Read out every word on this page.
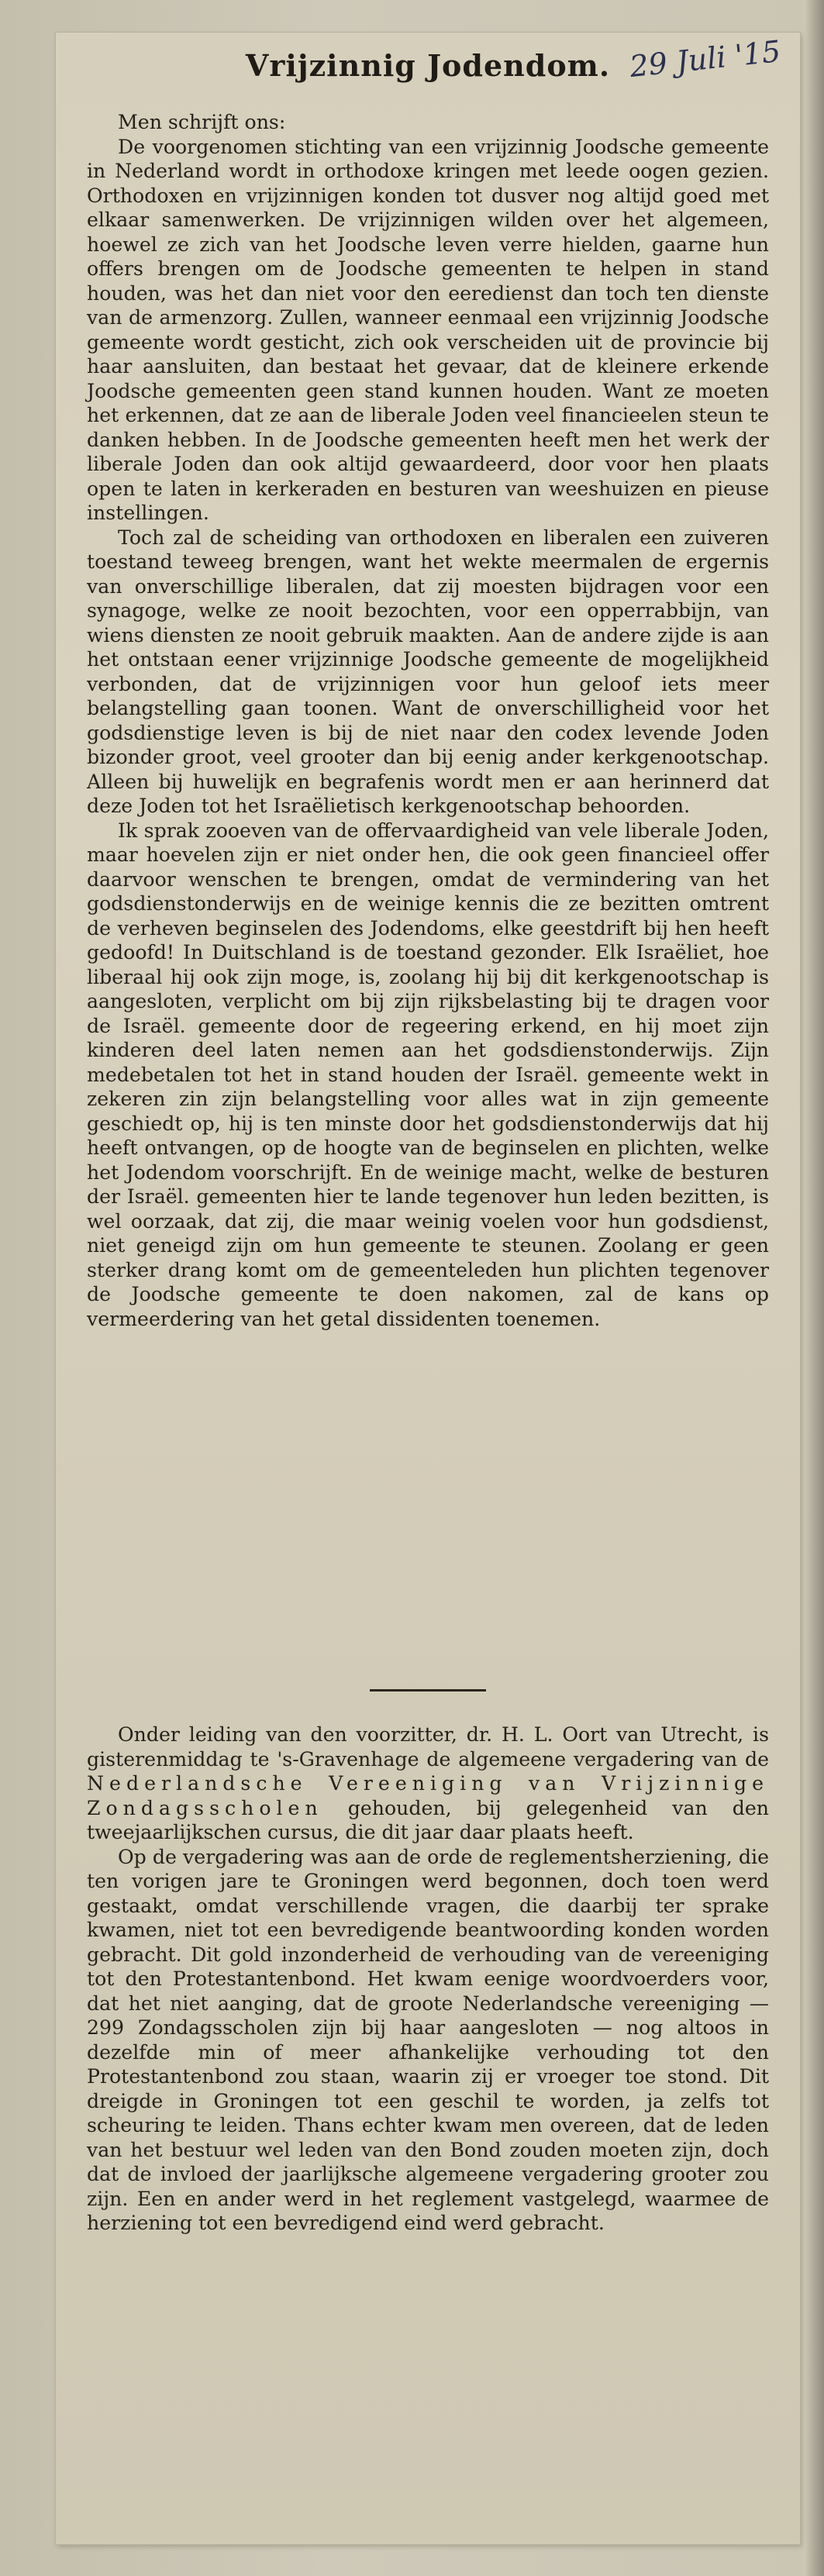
Vrijzinnig Jodendom. 29 Juli '15

Men schrijft ons:

De voorgenomen stichting van een vrijzinnig Joodsche gemeente in Nederland wordt in orthodoxe kringen met leede oogen gezien. Orthodoxen en vrijzinnigen konden tot dusver nog altijd goed met elkaar samenwerken. De vrijzinnigen wilden over het algemeen, hoewel ze zich van het Joodsche leven verre hielden, gaarne hun offers brengen om de Joodsche gemeenten te helpen in stand houden, was het dan niet voor den eeredienst dan toch ten dienste van de armenzorg. Zullen, wanneer eenmaal een vrijzinnig Joodsche gemeente wordt gesticht, zich ook verscheiden uit de provincie bij haar aansluiten, dan bestaat het gevaar, dat de kleinere erkende Joodsche gemeenten geen stand kunnen houden. Want ze moeten het erkennen, dat ze aan de liberale Joden veel financieelen steun te danken hebben. In de Joodsche gemeenten heeft men het werk der liberale Joden dan ook altijd gewaardeerd, door voor hen plaats open te laten in kerkeraden en besturen van weeshuizen en pieuse instellingen.

Toch zal de scheiding van orthodoxen en liberalen een zuiveren toestand teweeg brengen, want het wekte meermalen de ergernis van onverschillige liberalen, dat zij moesten bijdragen voor een synagoge, welke ze nooit bezochten, voor een opperrabbijn, van wiens diensten ze nooit gebruik maakten. Aan de andere zijde is aan het ontstaan eener vrijzinnige Joodsche gemeente de mogelijkheid verbonden, dat de vrijzinnigen voor hun geloof iets meer belangstelling gaan toonen. Want de onverschilligheid voor het godsdienstige leven is bij de niet naar den codex levende Joden bizonder groot, veel grooter dan bij eenig ander kerkgenootschap. Alleen bij huwelijk en begrafenis wordt men er aan herinnerd dat deze Joden tot het Israëlietisch kerkgenootschap behoorden.

Ik sprak zooeven van de offervaardigheid van vele liberale Joden, maar hoevelen zijn er niet onder hen, die ook geen financieel offer daarvoor wenschen te brengen, omdat de vermindering van het godsdienstonderwijs en de weinige kennis die ze bezitten omtrent de verheven beginselen des Jodendoms, elke geestdrift bij hen heeft gedoofd! In Duitschland is de toestand gezonder. Elk Israëliet, hoe liberaal hij ook zijn moge, is, zoolang hij bij dit kerkgenootschap is aangesloten, verplicht om bij zijn rijksbelasting bij te dragen voor de Israël. gemeente door de regeering erkend, en hij moet zijn kinderen deel laten nemen aan het godsdienstonderwijs. Zijn medebetalen tot het in stand houden der Israël. gemeente wekt in zekeren zin zijn belangstelling voor alles wat in zijn gemeente geschiedt op, hij is ten minste door het godsdienstonderwijs dat hij heeft ontvangen, op de hoogte van de beginselen en plichten, welke het Jodendom voorschrijft. En de weinige macht, welke de besturen der Israël. gemeenten hier te lande tegenover hun leden bezitten, is wel oorzaak, dat zij, die maar weinig voelen voor hun godsdienst, niet geneigd zijn om hun gemeente te steunen. Zoolang er geen sterker drang komt om de gemeenteleden hun plichten tegenover de Joodsche gemeente te doen nakomen, zal de kans op vermeerdering van het getal dissidenten toenemen.

Onder leiding van den voorzitter, dr. H. L. Oort van Utrecht, is gisterenmiddag te 's-Gravenhage de algemeene vergadering van de Nederlandsche Vereeniging van Vrijzinnige Zondagsscholen gehouden, bij gelegenheid van den tweejaarlijkschen cursus, die dit jaar daar plaats heeft.

Op de vergadering was aan de orde de reglementsherziening, die ten vorigen jare te Groningen werd begonnen, doch toen werd gestaakt, omdat verschillende vragen, die daarbij ter sprake kwamen, niet tot een bevredigende beantwoording konden worden gebracht. Dit gold inzonderheid de verhouding van de vereeniging tot den Protestantenbond. Het kwam eenige woordvoerders voor, dat het niet aanging, dat de groote Nederlandsche vereeniging — 299 Zondagsscholen zijn bij haar aangesloten — nog altoos in dezelfde min of meer afhankelijke verhouding tot den Protestantenbond zou staan, waarin zij er vroeger toe stond. Dit dreigde in Groningen tot een geschil te worden, ja zelfs tot scheuring te leiden. Thans echter kwam men overeen, dat de leden van het bestuur wel leden van den Bond zouden moeten zijn, doch dat de invloed der jaarlijksche algemeene vergadering grooter zou zijn. Een en ander werd in het reglement vastgelegd, waarmee de herziening tot een bevredigend eind werd gebracht.
